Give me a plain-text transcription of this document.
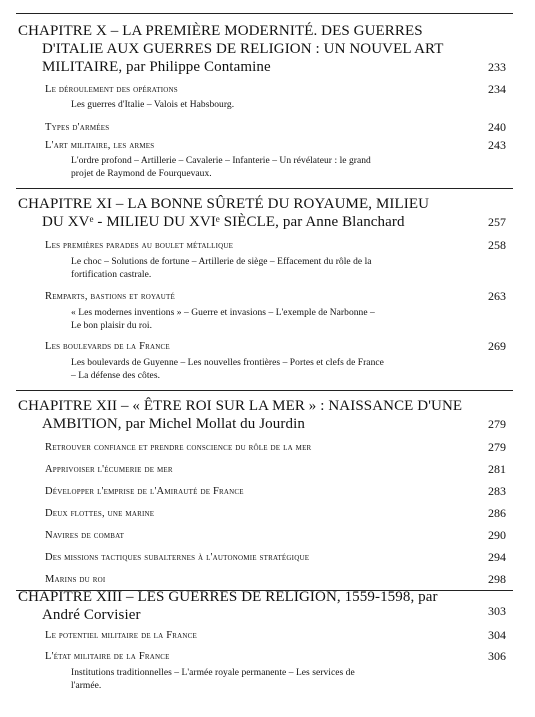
CHAPITRE X – LA PREMIÈRE MODERNITÉ. DES GUERRES
D'ITALIE AUX GUERRES DE RELIGION : UN NOUVEL ART
MILITAIRE, par Philippe Contamine	233
Le déroulement des opérations	234
Les guerres d'Italie – Valois et Habsbourg.
Types d'armées	240
L'art militaire, les armes	243
L'ordre profond – Artillerie – Cavalerie – Infanterie – Un révélateur : le grand
projet de Raymond de Fourquevaux.
CHAPITRE XI – LA BONNE SÛRETÉ DU ROYAUME, MILIEU
DU XVᵉ - MILIEU DU XVIᵉ SIÈCLE, par Anne Blanchard	257
Les premières parades au boulet métallique	258
Le choc – Solutions de fortune – Artillerie de siège – Effacement du rôle de la
fortification castrale.
Remparts, bastions et royauté	263
« Les modernes inventions » – Guerre et invasions – L'exemple de Narbonne –
Le bon plaisir du roi.
Les boulevards de la France	269
Les boulevards de Guyenne – Les nouvelles frontières – Portes et clefs de France
– La défense des côtes.
CHAPITRE XII – « ÊTRE ROI SUR LA MER » : NAISSANCE D'UNE
AMBITION, par Michel Mollat du Jourdin	279
Retrouver confiance et prendre conscience du rôle de la mer	279
Apprivoiser l'écumerie de mer	281
Développer l'emprise de l'Amirauté de France	283
Deux flottes, une marine	286
Navires de combat	290
Des missions tactiques subalternes à l'autonomie stratégique	294
Marins du roi	298
CHAPITRE XIII – LES GUERRES DE RELIGION, 1559-1598, par
André Corvisier	303
Le potentiel militaire de la France	304
L'état militaire de la France	306
Institutions traditionnelles – L'armée royale permanente – Les services de
l'armée.
